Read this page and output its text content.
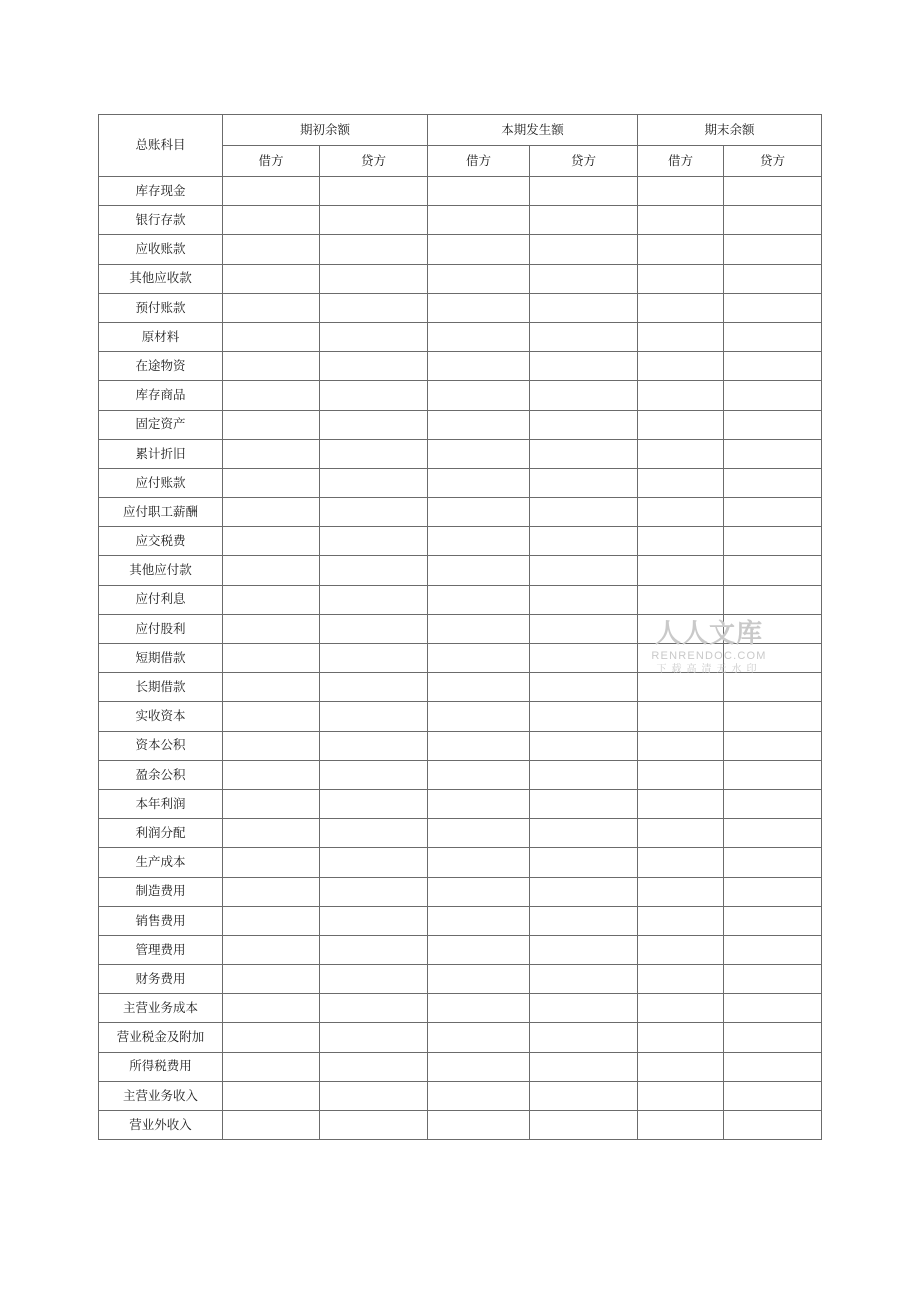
总账科目	期初余额		本期发生额		期末余额	
	借方	贷方	借方	贷方	借方	贷方
库存现金						
银行存款						
应收账款						
其他应收款						
预付账款						
原材料						
在途物资						
库存商品						
固定资产						
累计折旧						
应付账款						
应付职工薪酬						
应交税费						
其他应付款						
应付利息						
应付股利						
短期借款						
长期借款						
实收资本						
资本公积						
盈余公积						
本年利润						
利润分配						
生产成本						
制造费用						
销售费用						
管理费用						
财务费用						
主营业务成本						
营业税金及附加						
所得税费用						
主营业务收入						
营业外收入						
人人文库
RENRENDOC.COM
下载高清无水印
